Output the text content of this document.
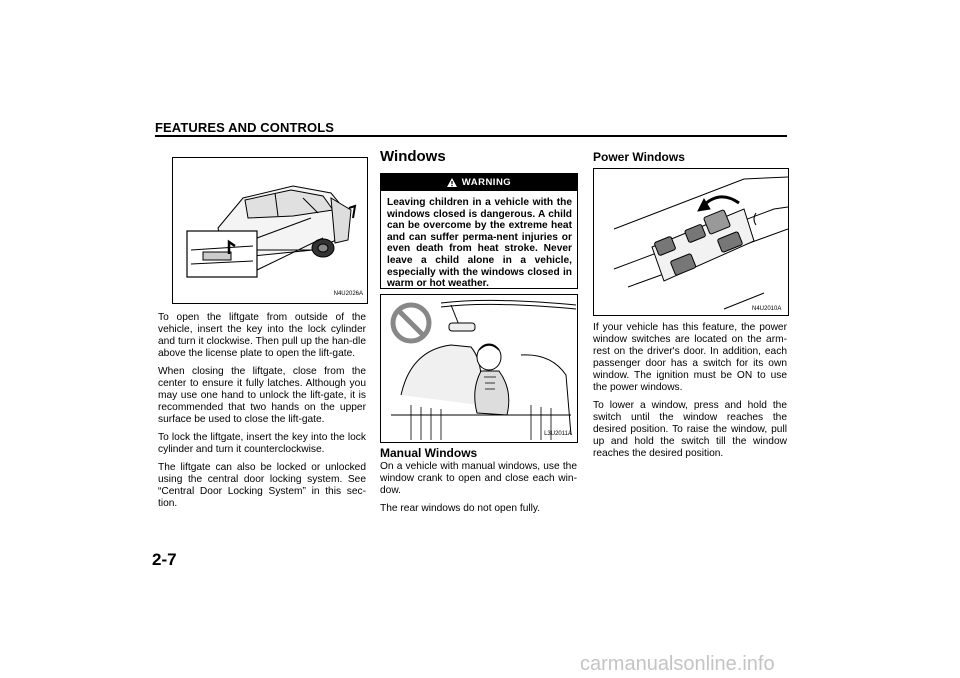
FEATURES AND CONTROLS
N4U2026A

To open the liftgate from outside of the vehicle, insert the key into the lock cylinder and turn it clockwise. Then pull up the han-dle above the license plate to open the lift-gate.

When closing the liftgate, close from the center to ensure it fully latches. Although you may use one hand to unlock the lift-gate, it is recommended that two hands on the upper surface be used to close the lift-gate.

To lock the liftgate, insert the key into the lock cylinder and turn it counterclockwise.

The liftgate can also be locked or unlocked using the central door locking system. See “Central Door Locking System” in this sec-tion.

Windows
WARNING
Leaving children in a vehicle with the windows closed is dangerous. A child can be overcome by the extreme heat and can suffer perma-nent injuries or even death from heat stroke. Never leave a child alone in a vehicle, especially with the windows closed in warm or hot weather.
L3U2011A
Manual Windows

On a vehicle with manual windows, use the window crank to open and close each win-dow.

The rear windows do not open fully.

Power Windows
N4U2010A

If your vehicle has this feature, the power window switches are located on the arm-rest on the driver's door. In addition, each passenger door has a switch for its own window. The ignition must be ON to use the power windows.

To lower a window, press and hold the switch until the window reaches the desired position. To raise the window, pull up and hold the switch till the window reaches the desired position.

2-7
carmanualsonline.info
